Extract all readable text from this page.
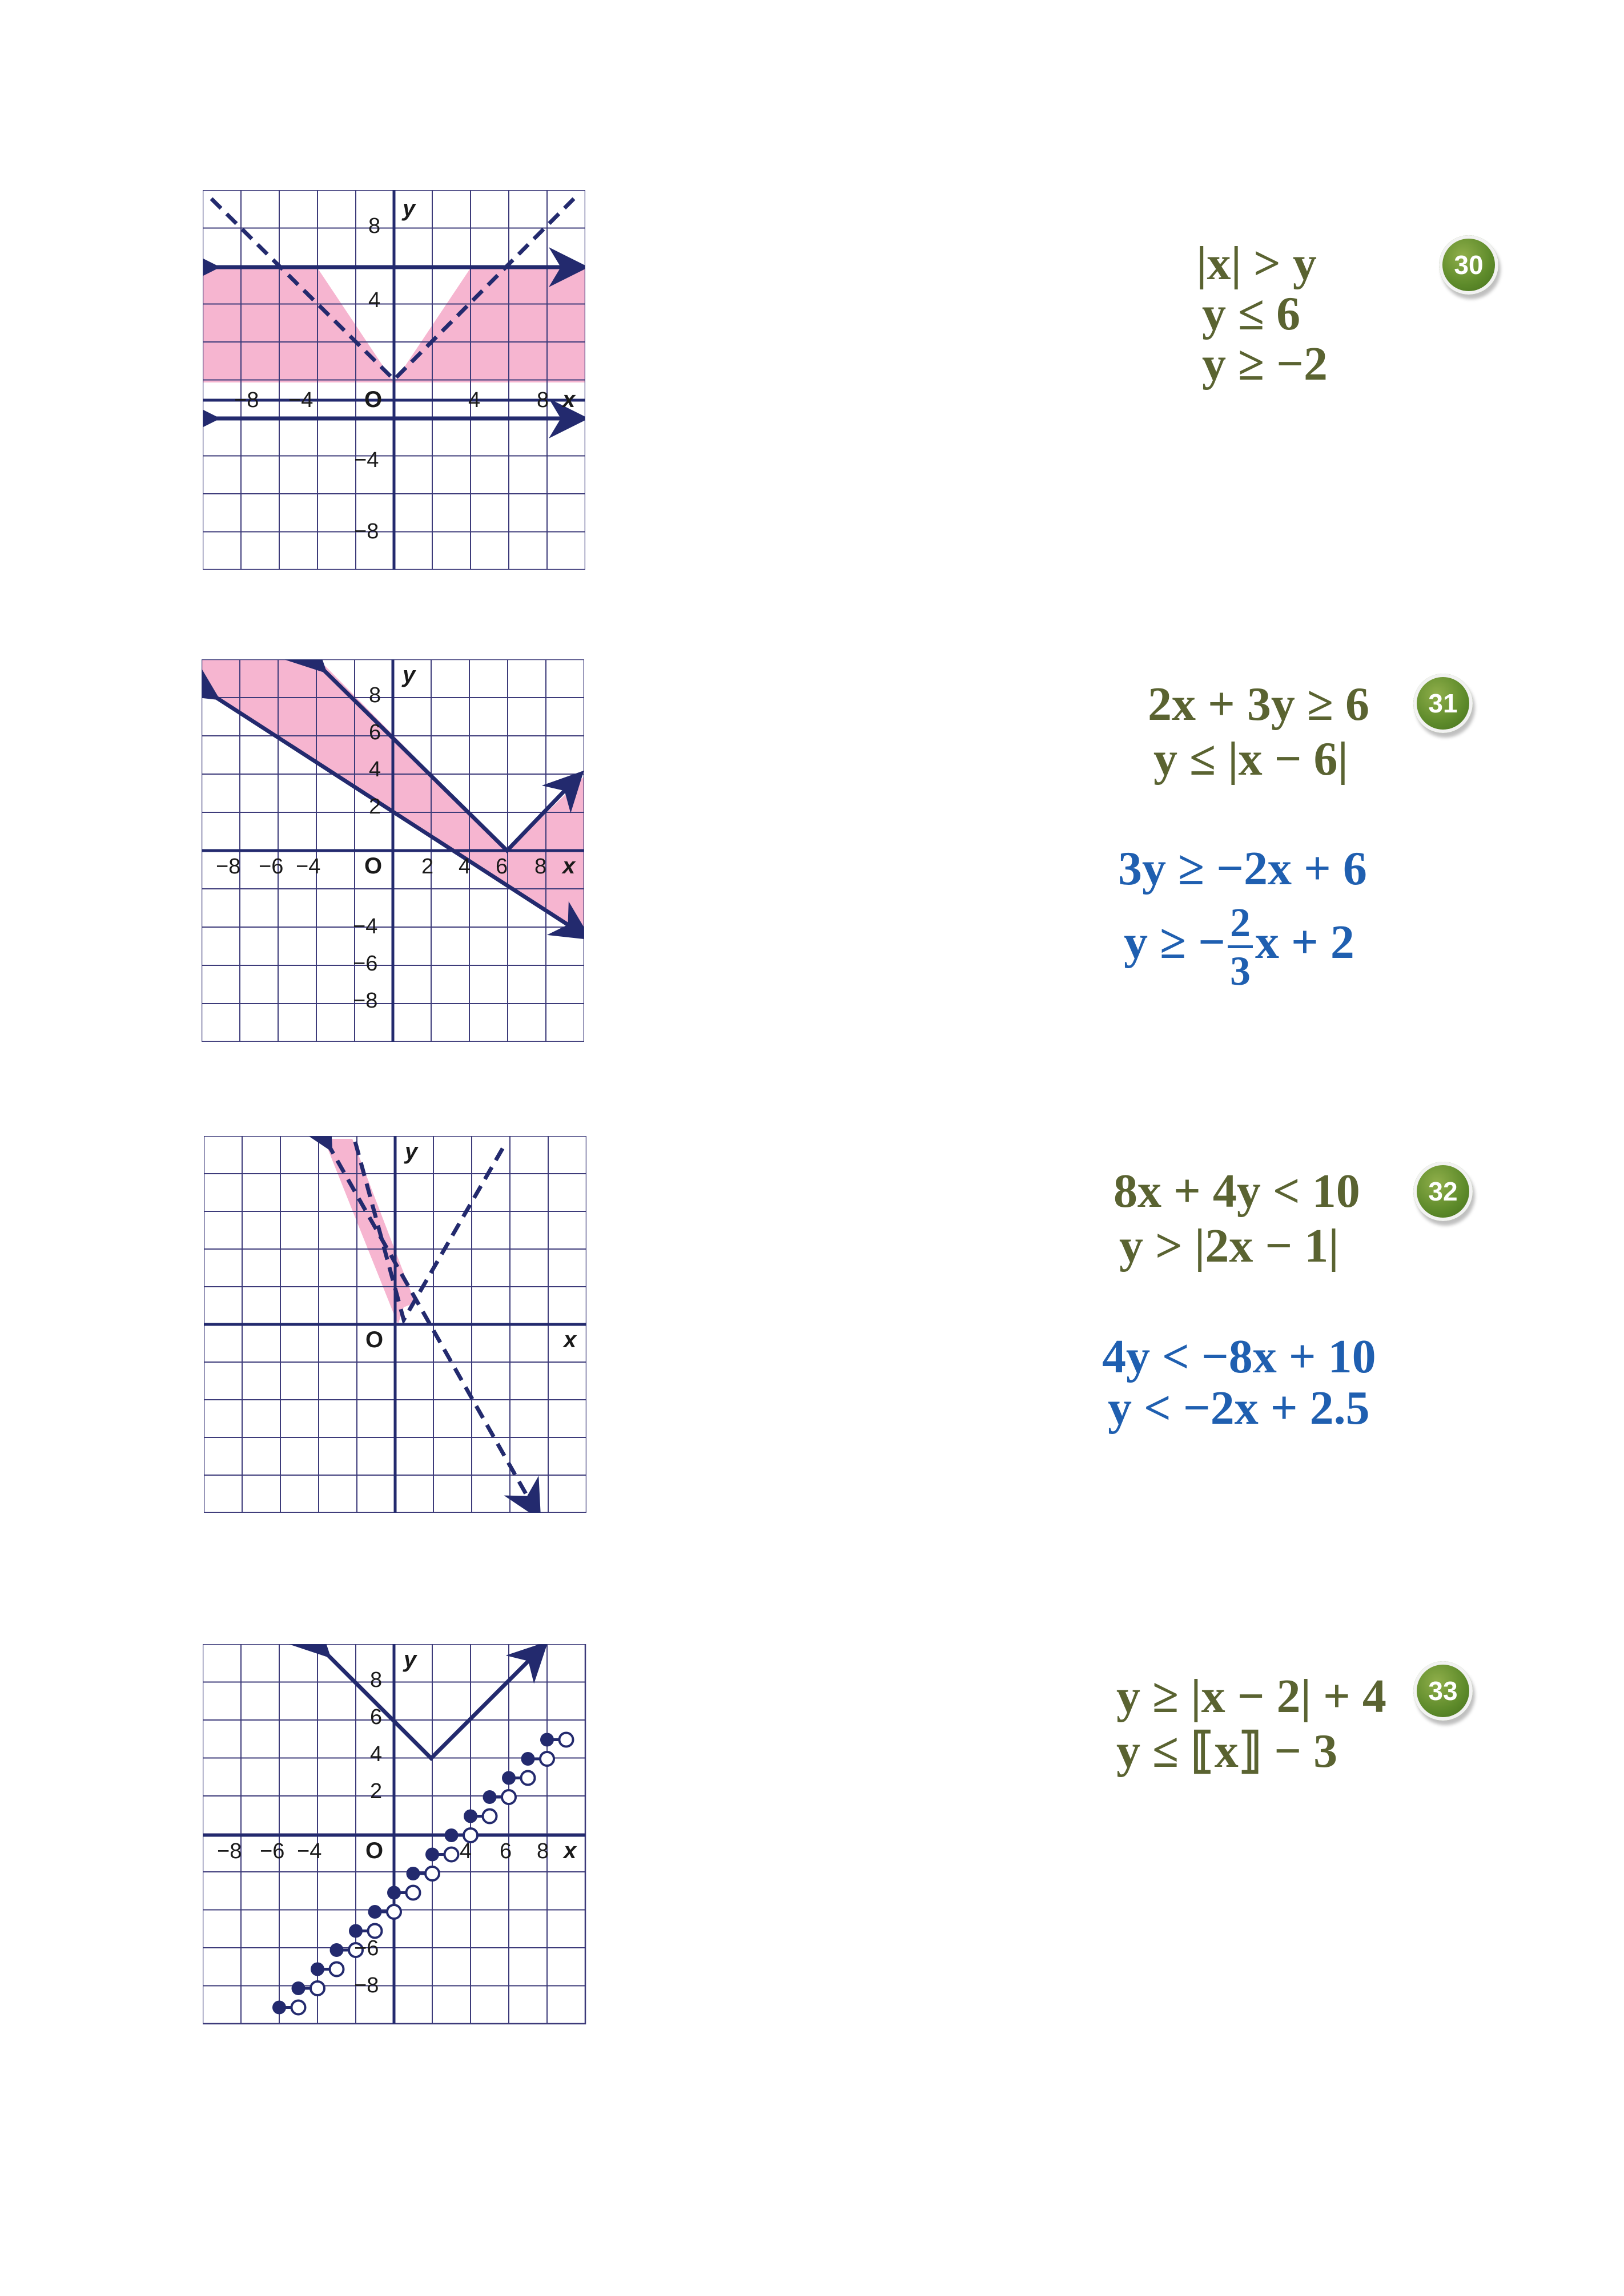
−8 −4	4	8
8
4
−4
−8
O	x
y
|x| > y
y ≤ 6
y ≥ −2
30
−8 −6 −4	2 4 6 8
8
6
4
2
−4
−6
−8
O	x
y
2x + 3y ≥ 6
y ≤ |x − 6|
31
3y ≥ −2x + 6
y ≥ − $\frac{2}{3}$ x + 2
O	x
y
8x + 4y < 10
y > |2x − 1|
32
4y < −8x + 10
y < −2x + 2.5
−8 −6 −4	4 6 8
8
6
4
2
−6
−8
O	x
y
y ≥ |x − 2| + 4
y ≤ ⟦x⟧ − 3
33
